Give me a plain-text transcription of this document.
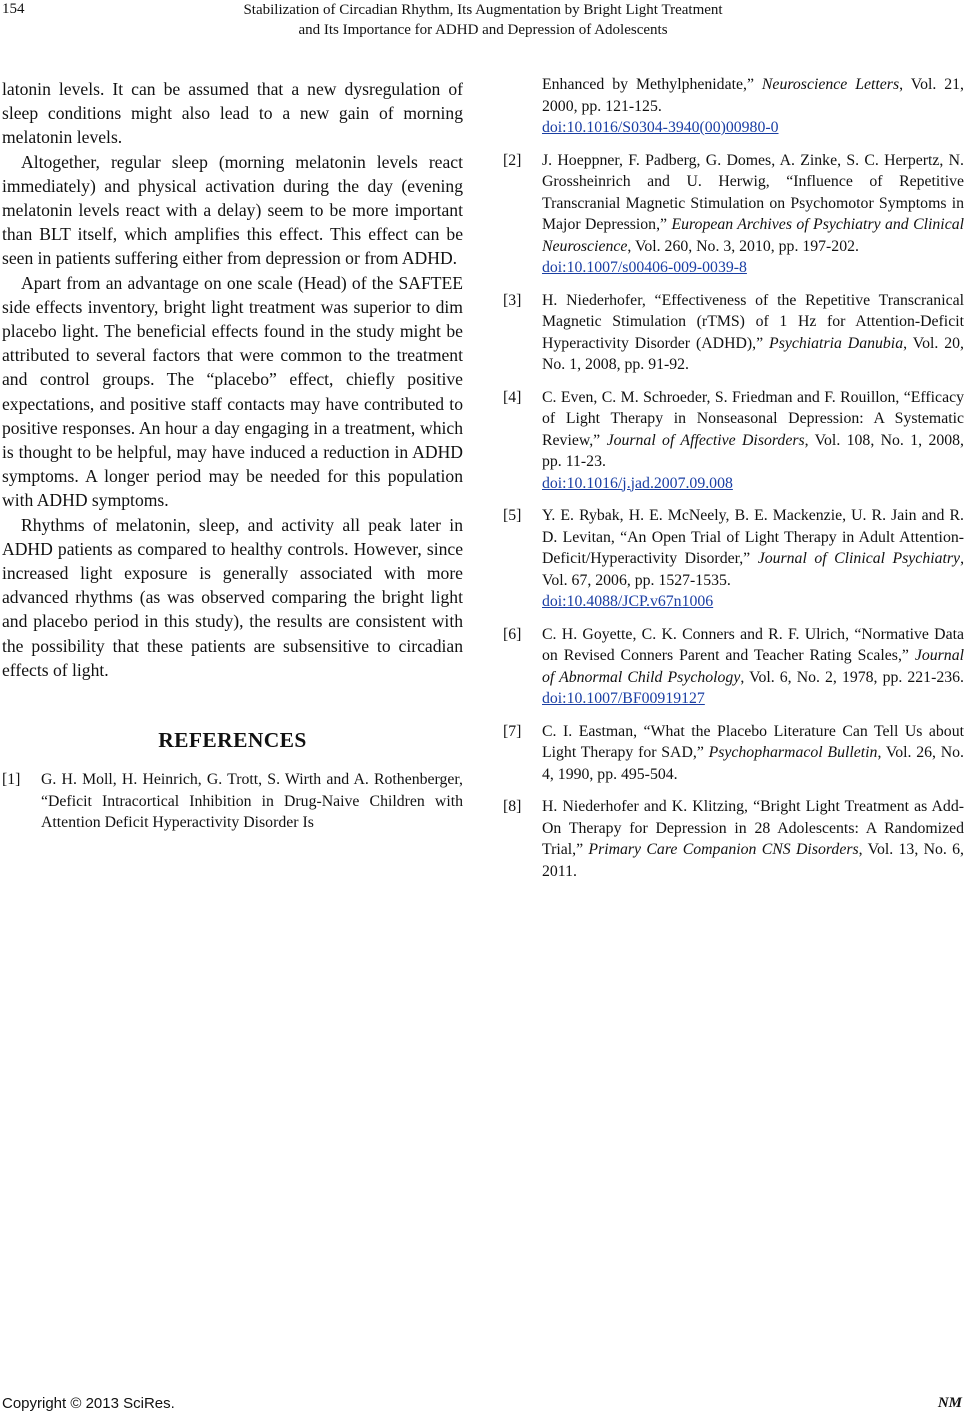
154	Stabilization of Circadian Rhythm, Its Augmentation by Bright Light Treatment
and Its Importance for ADHD and Depression of Adolescents

latonin levels. It can be assumed that a new dysregulation of sleep conditions might also lead to a new gain of morning melatonin levels.

Altogether, regular sleep (morning melatonin levels react immediately) and physical activation during the day (evening melatonin levels react with a delay) seem to be more important than BLT itself, which amplifies this effect. This effect can be seen in patients suffering either from depression or from ADHD.

Apart from an advantage on one scale (Head) of the SAFTEE side effects inventory, bright light treatment was superior to dim placebo light. The beneficial effects found in the study might be attributed to several factors that were common to the treatment and control groups. The “placebo” effect, chiefly positive expectations, and positive staff contacts may have contributed to positive responses. An hour a day engaging in a treatment, which is thought to be helpful, may have induced a reduction in ADHD symptoms. A longer period may be needed for this population with ADHD symptoms.

Rhythms of melatonin, sleep, and activity all peak later in ADHD patients as compared to healthy controls. However, since increased light exposure is generally associated with more advanced rhythms (as was observed comparing the bright light and placebo period in this study), the results are consistent with the possibility that these patients are subsensitive to circadian effects of light.

REFERENCES
[1]	G. H. Moll, H. Heinrich, G. Trott, S. Wirth and A. Rothenberger, “Deficit Intracortical Inhibition in Drug-Naive Children with Attention Deficit Hyperactivity Disorder Is
Enhanced by Methylphenidate,” Neuroscience Letters, Vol. 21, 2000, pp. 121-125.
doi:10.1016/S0304-3940(00)00980-0
[2]	J. Hoeppner, F. Padberg, G. Domes, A. Zinke, S. C. Herpertz, N. Grossheinrich and U. Herwig, “Influence of Repetitive Transcranial Magnetic Stimulation on Psychomotor Symptoms in Major Depression,” European Archives of Psychiatry and Clinical Neuroscience, Vol. 260, No. 3, 2010, pp. 197-202.
doi:10.1007/s00406-009-0039-8
[3]	H. Niederhofer, “Effectiveness of the Repetitive Transcranical Magnetic Stimulation (rTMS) of 1 Hz for Attention-Deficit Hyperactivity Disorder (ADHD),” Psychiatria Danubia, Vol. 20, No. 1, 2008, pp. 91-92.
[4]	C. Even, C. M. Schroeder, S. Friedman and F. Rouillon, “Efficacy of Light Therapy in Nonseasonal Depression: A Systematic Review,” Journal of Affective Disorders, Vol. 108, No. 1, 2008, pp. 11-23.
doi:10.1016/j.jad.2007.09.008
[5]	Y. E. Rybak, H. E. McNeely, B. E. Mackenzie, U. R. Jain and R. D. Levitan, “An Open Trial of Light Therapy in Adult Attention-Deficit/Hyperactivity Disorder,” Journal of Clinical Psychiatry, Vol. 67, 2006, pp. 1527-1535.
doi:10.4088/JCP.v67n1006
[6]	C. H. Goyette, C. K. Conners and R. F. Ulrich, “Normative Data on Revised Conners Parent and Teacher Rating Scales,” Journal of Abnormal Child Psychology, Vol. 6, No. 2, 1978, pp. 221-236. doi:10.1007/BF00919127
[7]	C. I. Eastman, “What the Placebo Literature Can Tell Us about Light Therapy for SAD,” Psychopharmacol Bulletin, Vol. 26, No. 4, 1990, pp. 495-504.
[8]	H. Niederhofer and K. Klitzing, “Bright Light Treatment as Add-On Therapy for Depression in 28 Adolescents: A Randomized Trial,” Primary Care Companion CNS Disorders, Vol. 13, No. 6, 2011.
Copyright © 2013 SciRes.	NM
